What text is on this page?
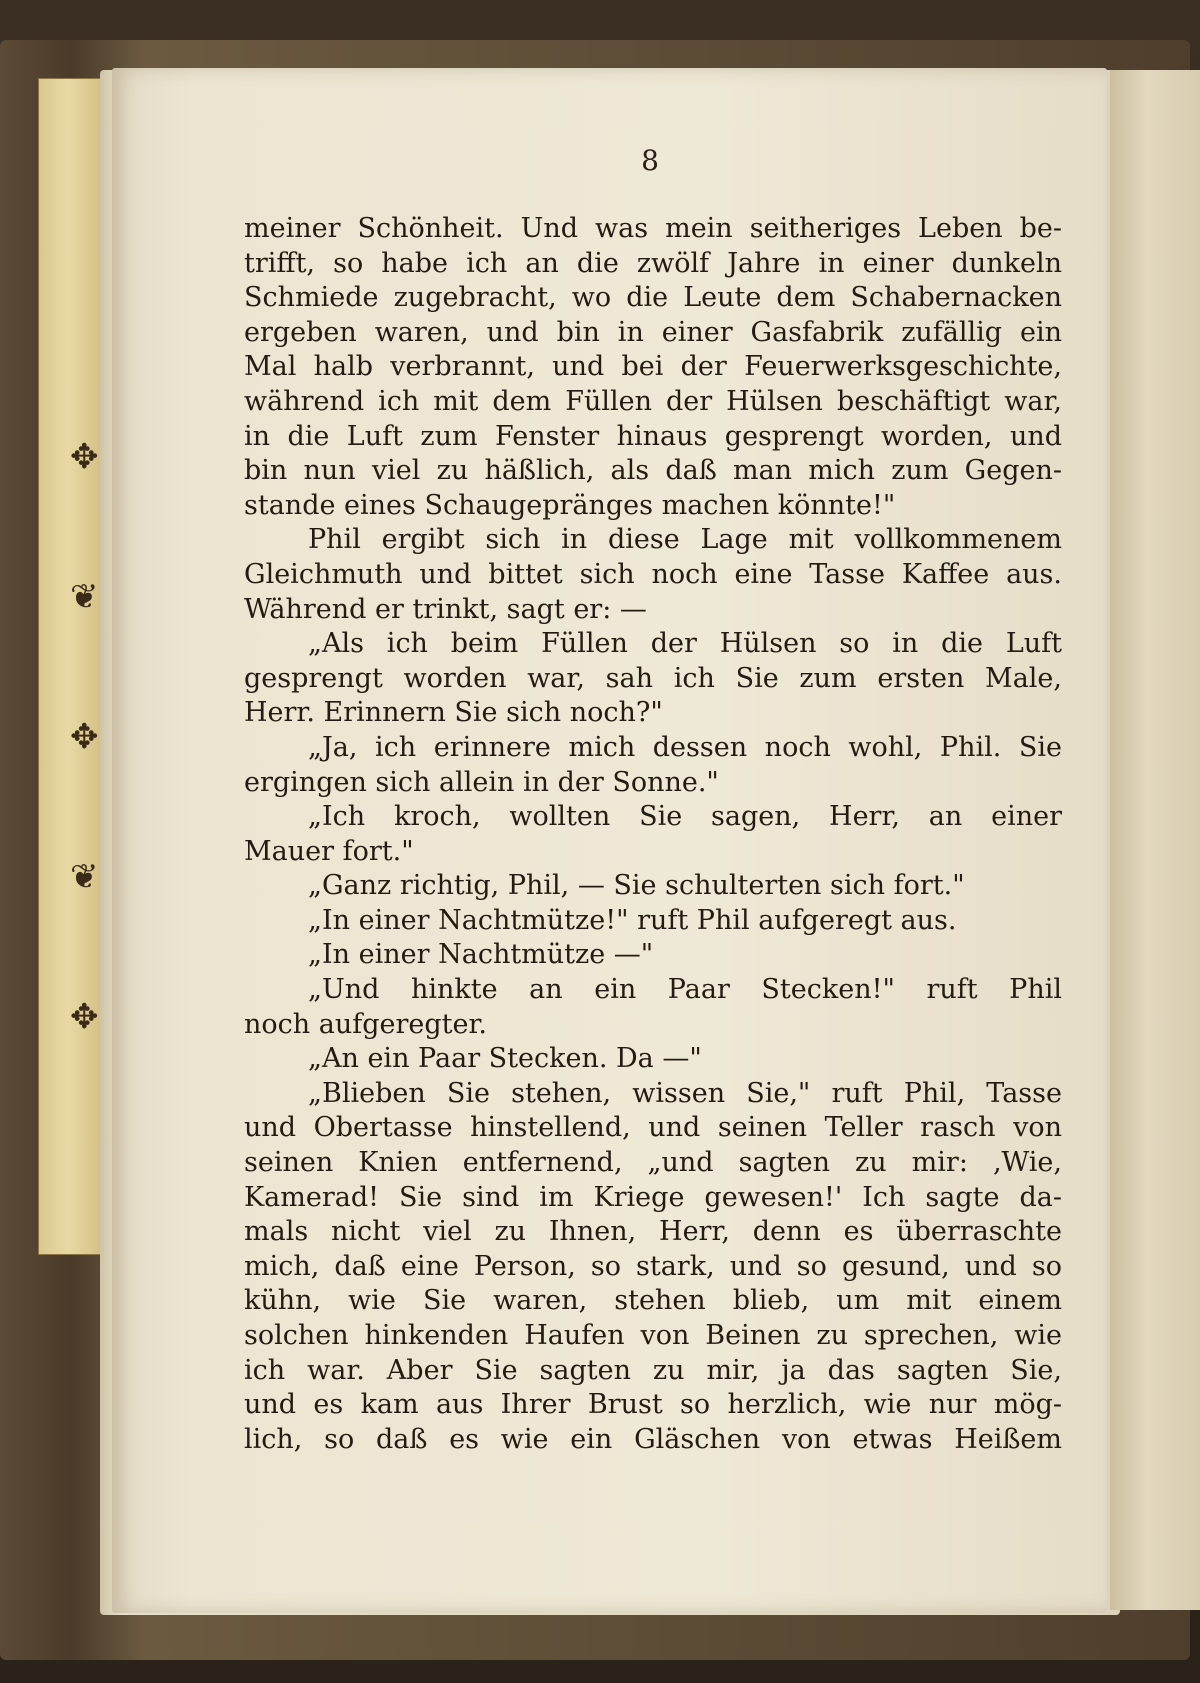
✥
❦
✥
❦
✥
8
meiner Schönheit. Und was mein seitheriges Leben be-
trifft, so habe ich an die zwölf Jahre in einer dunkeln
Schmiede zugebracht, wo die Leute dem Schabernacken
ergeben waren, und bin in einer Gasfabrik zufällig ein
Mal halb verbrannt, und bei der Feuerwerksgeschichte,
während ich mit dem Füllen der Hülsen beschäftigt war,
in die Luft zum Fenster hinaus gesprengt worden, und
bin nun viel zu häßlich, als daß man mich zum Gegen-
stande eines Schaugepränges machen könnte!"
Phil ergibt sich in diese Lage mit vollkommenem
Gleichmuth und bittet sich noch eine Tasse Kaffee aus.
Während er trinkt, sagt er: —
„Als ich beim Füllen der Hülsen so in die Luft
gesprengt worden war, sah ich Sie zum ersten Male,
Herr. Erinnern Sie sich noch?"
„Ja, ich erinnere mich dessen noch wohl, Phil. Sie
ergingen sich allein in der Sonne."
„Ich kroch, wollten Sie sagen, Herr, an einer
Mauer fort."
„Ganz richtig, Phil, — Sie schulterten sich fort."
„In einer Nachtmütze!" ruft Phil aufgeregt aus.
„In einer Nachtmütze —"
„Und hinkte an ein Paar Stecken!" ruft Phil
noch aufgeregter.
„An ein Paar Stecken. Da —"
„Blieben Sie stehen, wissen Sie," ruft Phil, Tasse
und Obertasse hinstellend, und seinen Teller rasch von
seinen Knien entfernend, „und sagten zu mir: ‚Wie,
Kamerad! Sie sind im Kriege gewesen!' Ich sagte da-
mals nicht viel zu Ihnen, Herr, denn es überraschte
mich, daß eine Person, so stark, und so gesund, und so
kühn, wie Sie waren, stehen blieb, um mit einem
solchen hinkenden Haufen von Beinen zu sprechen, wie
ich war. Aber Sie sagten zu mir, ja das sagten Sie,
und es kam aus Ihrer Brust so herzlich, wie nur mög-
lich, so daß es wie ein Gläschen von etwas Heißem
